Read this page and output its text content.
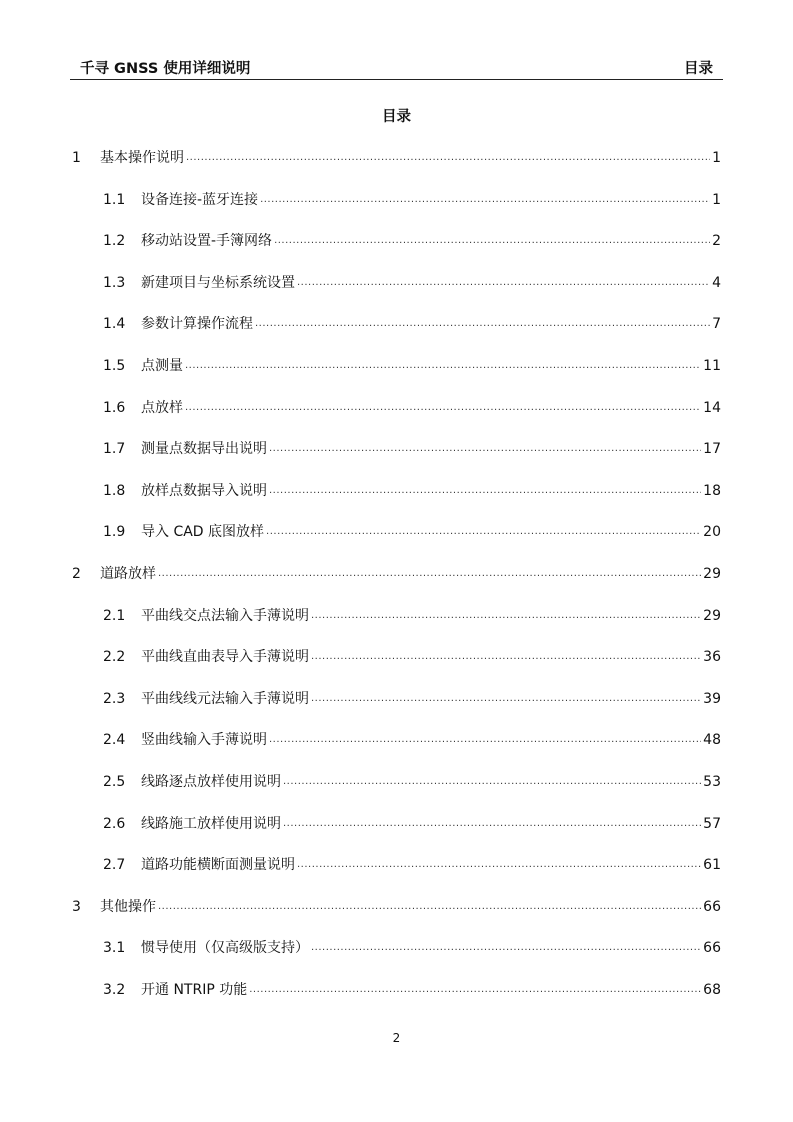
千寻 GNSS 使用详细说明	目录
目录
1	基本操作说明 .....	1
1.1	设备连接-蓝牙连接 .....	1
1.2	移动站设置-手簿网络 .....	2
1.3	新建项目与坐标系统设置 .....	4
1.4	参数计算操作流程 .....	7
1.5	点测量 .....	11
1.6	点放样 .....	14
1.7	测量点数据导出说明 .....	17
1.8	放样点数据导入说明 .....	18
1.9	导入 CAD 底图放样 .....	20
2	道路放样 .....	29
2.1	平曲线交点法输入手薄说明 .....	29
2.2	平曲线直曲表导入手薄说明 .....	36
2.3	平曲线线元法输入手薄说明 .....	39
2.4	竖曲线输入手薄说明 .....	48
2.5	线路逐点放样使用说明 .....	53
2.6	线路施工放样使用说明 .....	57
2.7	道路功能横断面测量说明 .....	61
3	其他操作 .....	66
3.1	惯导使用（仅高级版支持） .....	66
3.2	开通 NTRIP 功能 .....	68
2
